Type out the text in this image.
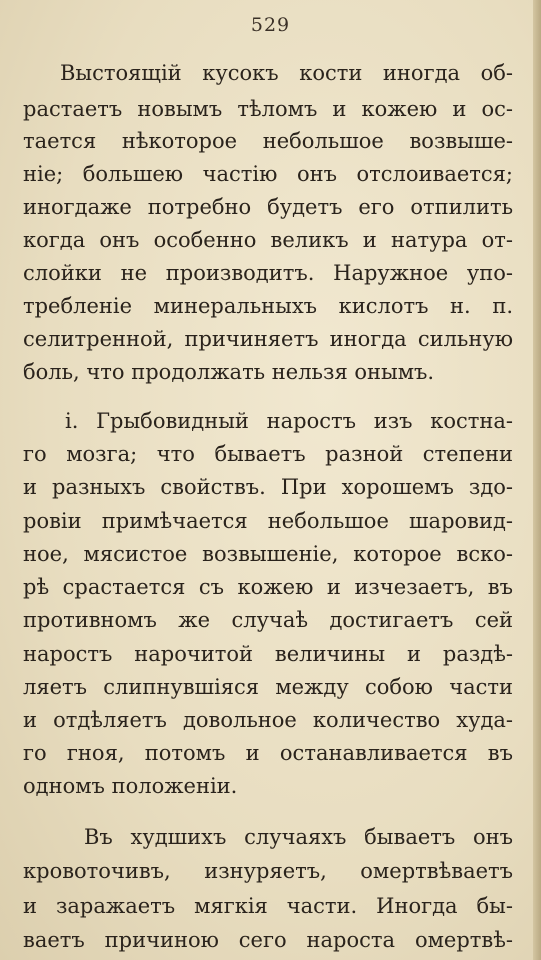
529
Выстоящій кусокъ кости иногда об-
растаетъ новымъ тѣломъ и кожею и ос-
тается нѣкоторое небольшое возвыше-
ніе; большею частію онъ отслоивается;
иногдаже потребно будетъ его отпилить
когда онъ особенно великъ и натура от-
слойки не производитъ. Наружное упо-
требленіе минеральныхъ кислотъ н. п.
селитренной, причиняетъ иногда сильную
боль, что продолжать нельзя онымъ.
i. Грыбовидный наростъ изъ костна-
го мозга; что бываетъ разной степени
и разныхъ свойствъ. При хорошемъ здо-
ровіи примѣчается небольшое шаровид-
ное, мясистое возвышеніе, которое вско-
рѣ срастается съ кожею и изчезаетъ, въ
противномъ же случаѣ достигаетъ сей
наростъ нарочитой величины и раздѣ-
ляетъ слипнувшіяся между собою части
и отдѣляетъ довольное количество худа-
го гноя, потомъ и останавливается въ
одномъ положеніи.
Въ худшихъ случаяхъ бываетъ онъ
кровоточивъ, изнуряетъ, омертвѣваетъ
и заражаетъ мягкія части. Иногда бы-
ваетъ причиною сего нароста омертвѣ-
